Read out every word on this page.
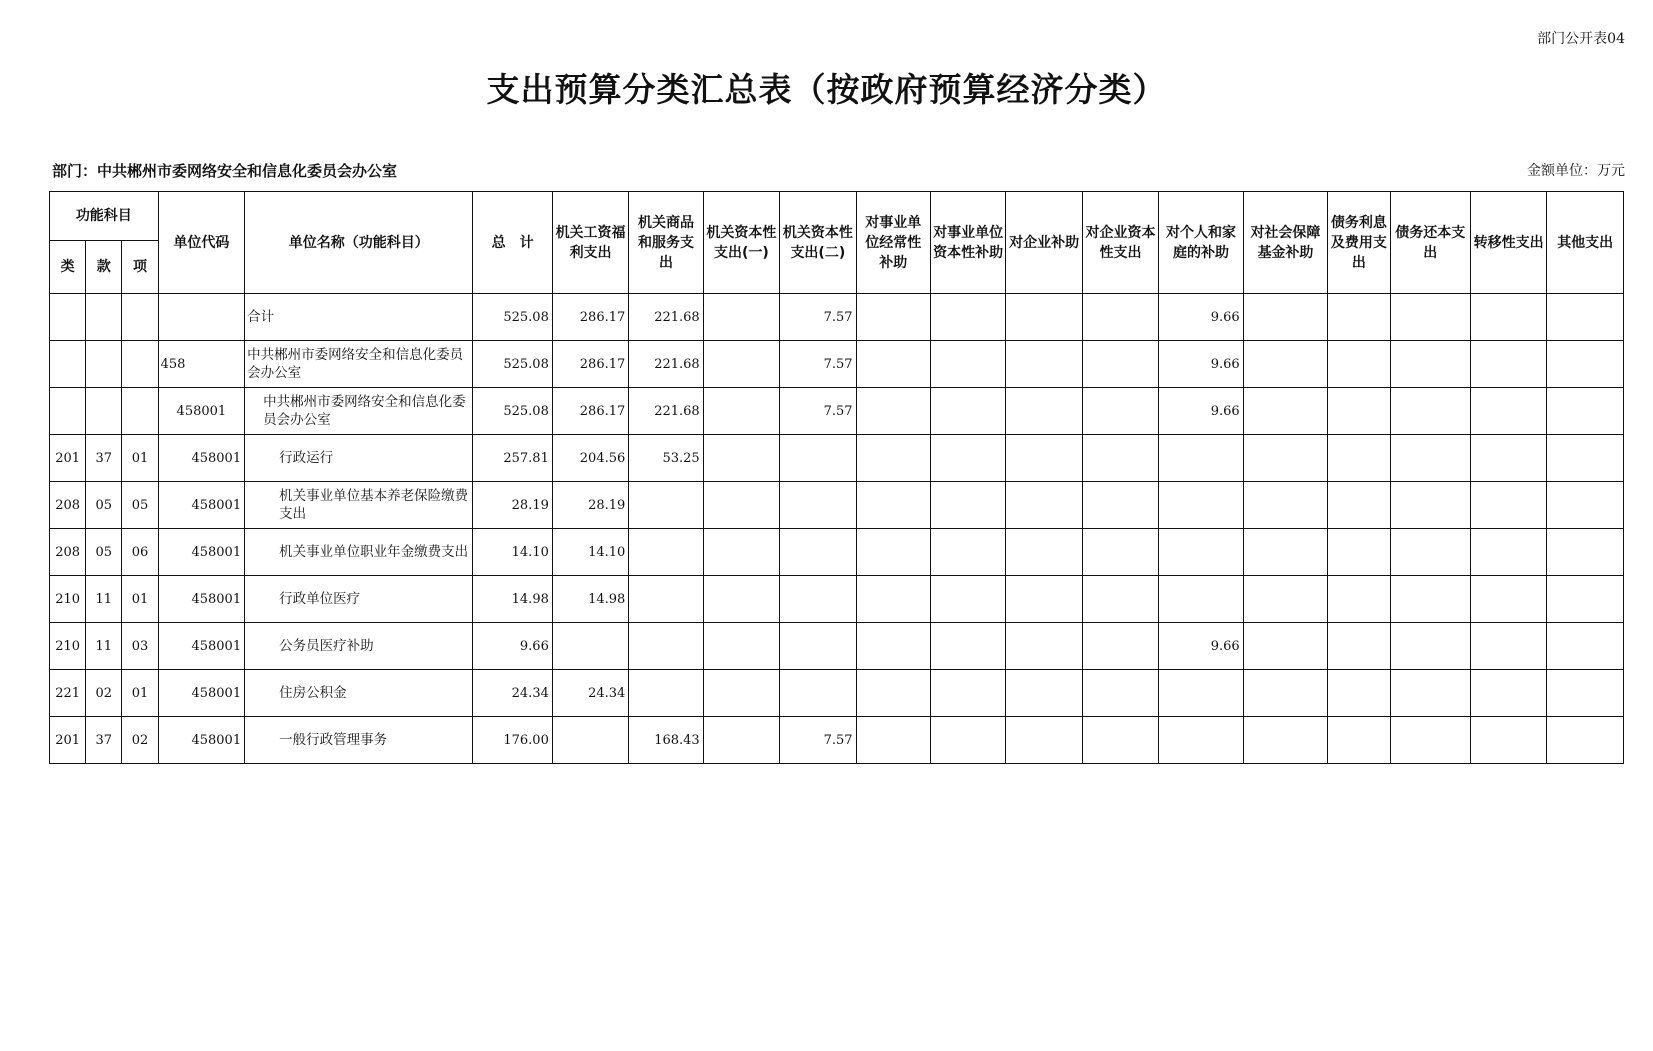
部门公开表04
支出预算分类汇总表（按政府预算经济分类）
部门：中共郴州市委网络安全和信息化委员会办公室	金额单位：万元
功能科目			单位代码	单位名称（功能科目）	总　计	机关工资福利支出	机关商品和服务支出	机关资本性支出(一)	机关资本性支出(二)	对事业单位经常性补助	对事业单位资本性补助	对企业补助	对企业资本性支出	对个人和家庭的补助	对社会保障基金补助	债务利息及费用支出	债务还本支出	转移性支出	其他支出
类	款	项																	
				合计	525.08	286.17	221.68		7.57					9.66					
			458	中共郴州市委网络安全和信息化委员会办公室	525.08	286.17	221.68		7.57					9.66					
			458001	中共郴州市委网络安全和信息化委员会办公室	525.08	286.17	221.68		7.57					9.66					
201	37	01	458001	行政运行	257.81	204.56	53.25												
208	05	05	458001	机关事业单位基本养老保险缴费支出	28.19	28.19													
208	05	06	458001	机关事业单位职业年金缴费支出	14.10	14.10													
210	11	01	458001	行政单位医疗	14.98	14.98													
210	11	03	458001	公务员医疗补助	9.66									9.66					
221	02	01	458001	住房公积金	24.34	24.34													
201	37	02	458001	一般行政管理事务	176.00		168.43		7.57										
